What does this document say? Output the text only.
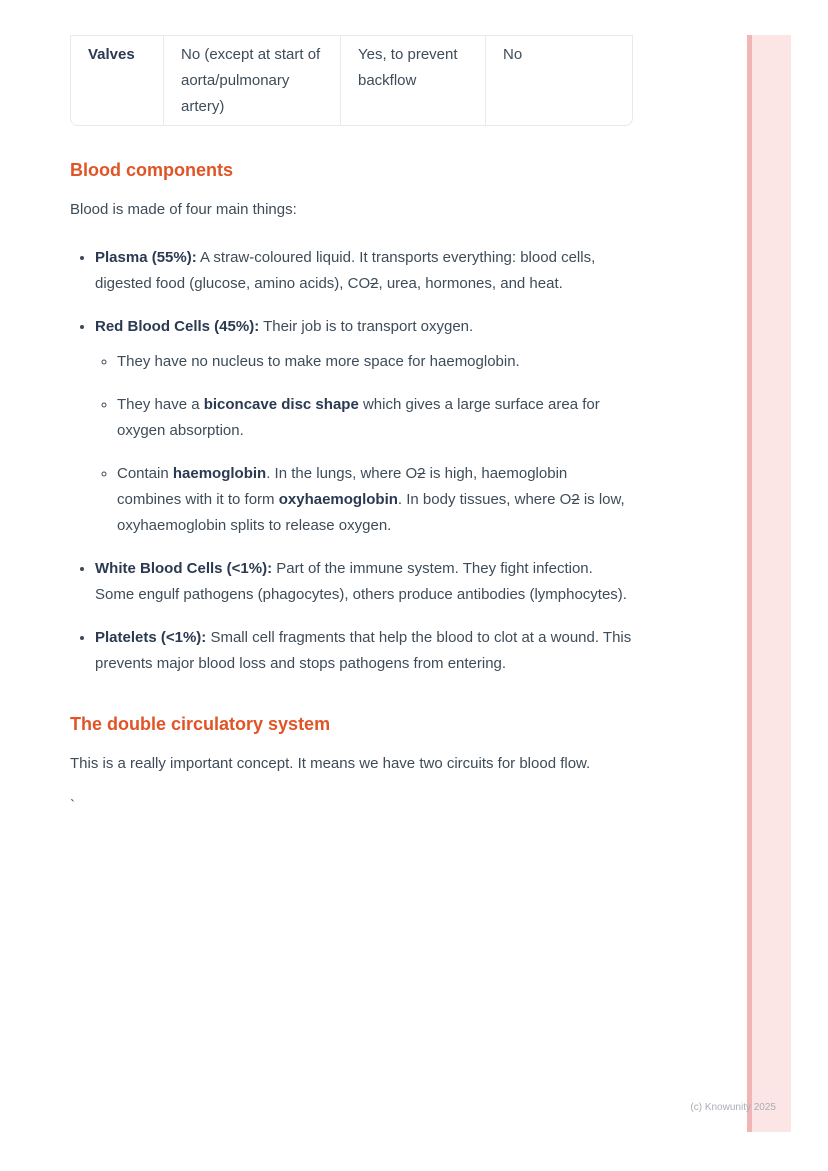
Valves	No (except at start of aorta/pulmonary artery)
Yes, to prevent backflow
No
Blood components

Blood is made of four main things:

• Plasma (55%): A straw-coloured liquid. It transports everything: blood cells, digested food (glucose, amino acids), CO2, urea, hormones, and heat.
• Red Blood Cells (45%): Their job is to transport oxygen.
◦ They have no nucleus to make more space for haemoglobin.
◦ They have a biconcave disc shape which gives a large surface area for oxygen absorption.
◦ Contain haemoglobin. In the lungs, where O2 is high, haemoglobin combines with it to form oxyhaemoglobin. In body tissues, where O2 is low, oxyhaemoglobin splits to release oxygen.
• White Blood Cells (<1%): Part of the immune system. They fight infection. Some engulf pathogens (phagocytes), others produce antibodies (lymphocytes).
• Platelets (<1%): Small cell fragments that help the blood to clot at a wound. This prevents major blood loss and stops pathogens from entering.
The double circulatory system

This is a really important concept. It means we have two circuits for blood flow.

`

(c) Knowunity 2025
